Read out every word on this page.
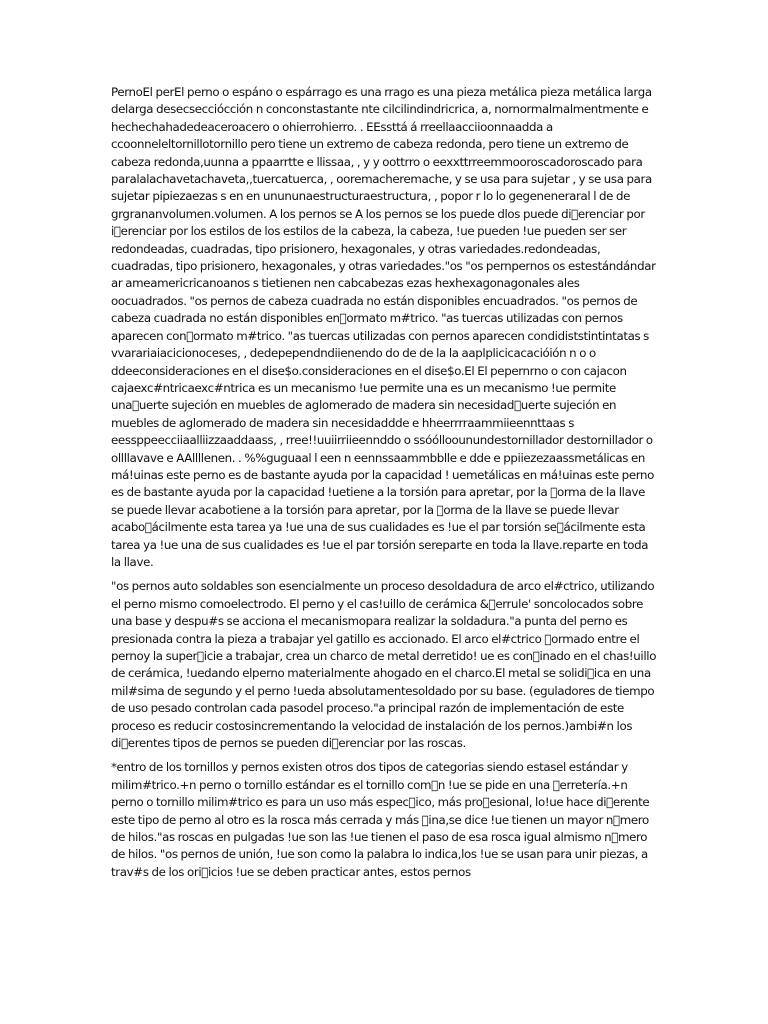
PernoEl perEl perno o espáno o espárrago es una rrago es una pieza metálica pieza metálica larga delarga desecsecciócción n conconstastante nte cilcilindindricrica, a, nornormalmalmentmente e hechechahadedeaceroacero o ohierrohierro. . EEssttá á rreellaacciioonnaadda a ccoonneleltornillotornillo pero tiene un extremo de cabeza redonda, pero tiene un extremo de cabeza redonda,uunna a ppaarrtte e llissaa, , y y oottrro o eexxttrreemmooroscadoroscado para paralalachavetachaveta,,tuercatuerca, , ooremacheremache, y se usa para sujetar , y se usa para sujetar pipiezaezas s en en unununaestructuraestructura, , popor r lo lo gegeneneraral l de de grgrananvolumen.volumen. A los pernos se A los pernos se los puede dlos puede di erenciar por i erenciar por los estilos de los estilos de la cabeza, la cabeza, !ue pueden !ue pueden ser ser redondeadas, cuadradas, tipo prisionero, hexagonales, y otras variedades.redondeadas, cuadradas, tipo prisionero, hexagonales, y otras variedades."os "os pernpernos os estestándándar ar ameamericricanoanos s tietienen nen cabcabezas ezas hexhexagonagonales ales oocuadrados. "os pernos de cabeza cuadrada no están disponibles encuadrados. "os pernos de cabeza cuadrada no están disponibles en ormato m#trico. "as tuercas utilizadas con pernos aparecen con ormato m#trico. "as tuercas utilizadas con pernos aparecen condidiststintintatas s vvarariaiacicionoceses, , dedepependndiienendo do de de la la aaplplicicacacióión n o o ddeeconsideraciones en el dise$o.consideraciones en el dise$o.El El pepernrno o con cajacon cajaexc#ntricaexc#ntrica es un mecanismo !ue permite una es un mecanismo !ue permite una uerte sujeción en muebles de aglomerado de madera sin necesidad uerte sujeción en muebles de aglomerado de madera sin necesidaddde e hheerrrraammiieennttaas s eessppeecciiaalliizzaaddaass, , rree!!uuiirriieennddo o ssóólloounundestornillador destornillador o ollllavave e AAllllenen. . %%guguaal l een n eennssaammbblle e dde e ppiiezezaassmetálicas en má!uinas este perno es de bastante ayuda por la capacidad ! uemetálicas en má!uinas este perno es de bastante ayuda por la capacidad !uetiene a la torsión para apretar, por la  orma de la llave se puede llevar acabotiene a la torsión para apretar, por la  orma de la llave se puede llevar acabo ácilmente esta tarea ya !ue una de sus cualidades es !ue el par torsión se ácilmente esta tarea ya !ue una de sus cualidades es !ue el par torsión sereparte en toda la llave.reparte en toda la llave.

"os pernos auto soldables son esencialmente un proceso desoldadura de arco el#ctrico, utilizando el perno mismo comoelectrodo. El perno y el cas!uillo de cerámica & errule' soncolocados sobre una base y despu#s se acciona el mecanismopara realizar la soldadura."a punta del perno es presionada contra la pieza a trabajar yel gatillo es accionado. El arco el#ctrico  ormado entre el pernoy la super icie a trabajar, crea un charco de metal derretido! ue es con inado en el chas!uillo de cerámica, !uedando elperno materialmente ahogado en el charco.El metal se solidi ica en una mil#sima de segundo y el perno !ueda absolutamentesoldado por su base. (eguladores de tiempo de uso pesado controlan cada pasodel proceso."a principal razón de implementación de este proceso es reducir costosincrementando la velocidad de instalación de los pernos.)ambi#n los di erentes tipos de pernos se pueden di erenciar por las roscas.

*entro de los tornillos y pernos existen otros dos tipos de categorias siendo estasel estándar y milim#trico.+n perno o tornillo estándar es el tornillo com n !ue se pide en una  erretería.+n perno o tornillo milim#trico es para un uso más espec ico, más pro esional, lo!ue hace di erente este tipo de perno al otro es la rosca más cerrada y más  ina,se dice !ue tienen un mayor n mero de hilos."as roscas en pulgadas !ue son las !ue tienen el paso de esa rosca igual almismo n mero de hilos. "os pernos de unión, !ue son como la palabra lo indica,los !ue se usan para unir piezas, a trav#s de los ori icios !ue se deben practicar antes, estos pernos
